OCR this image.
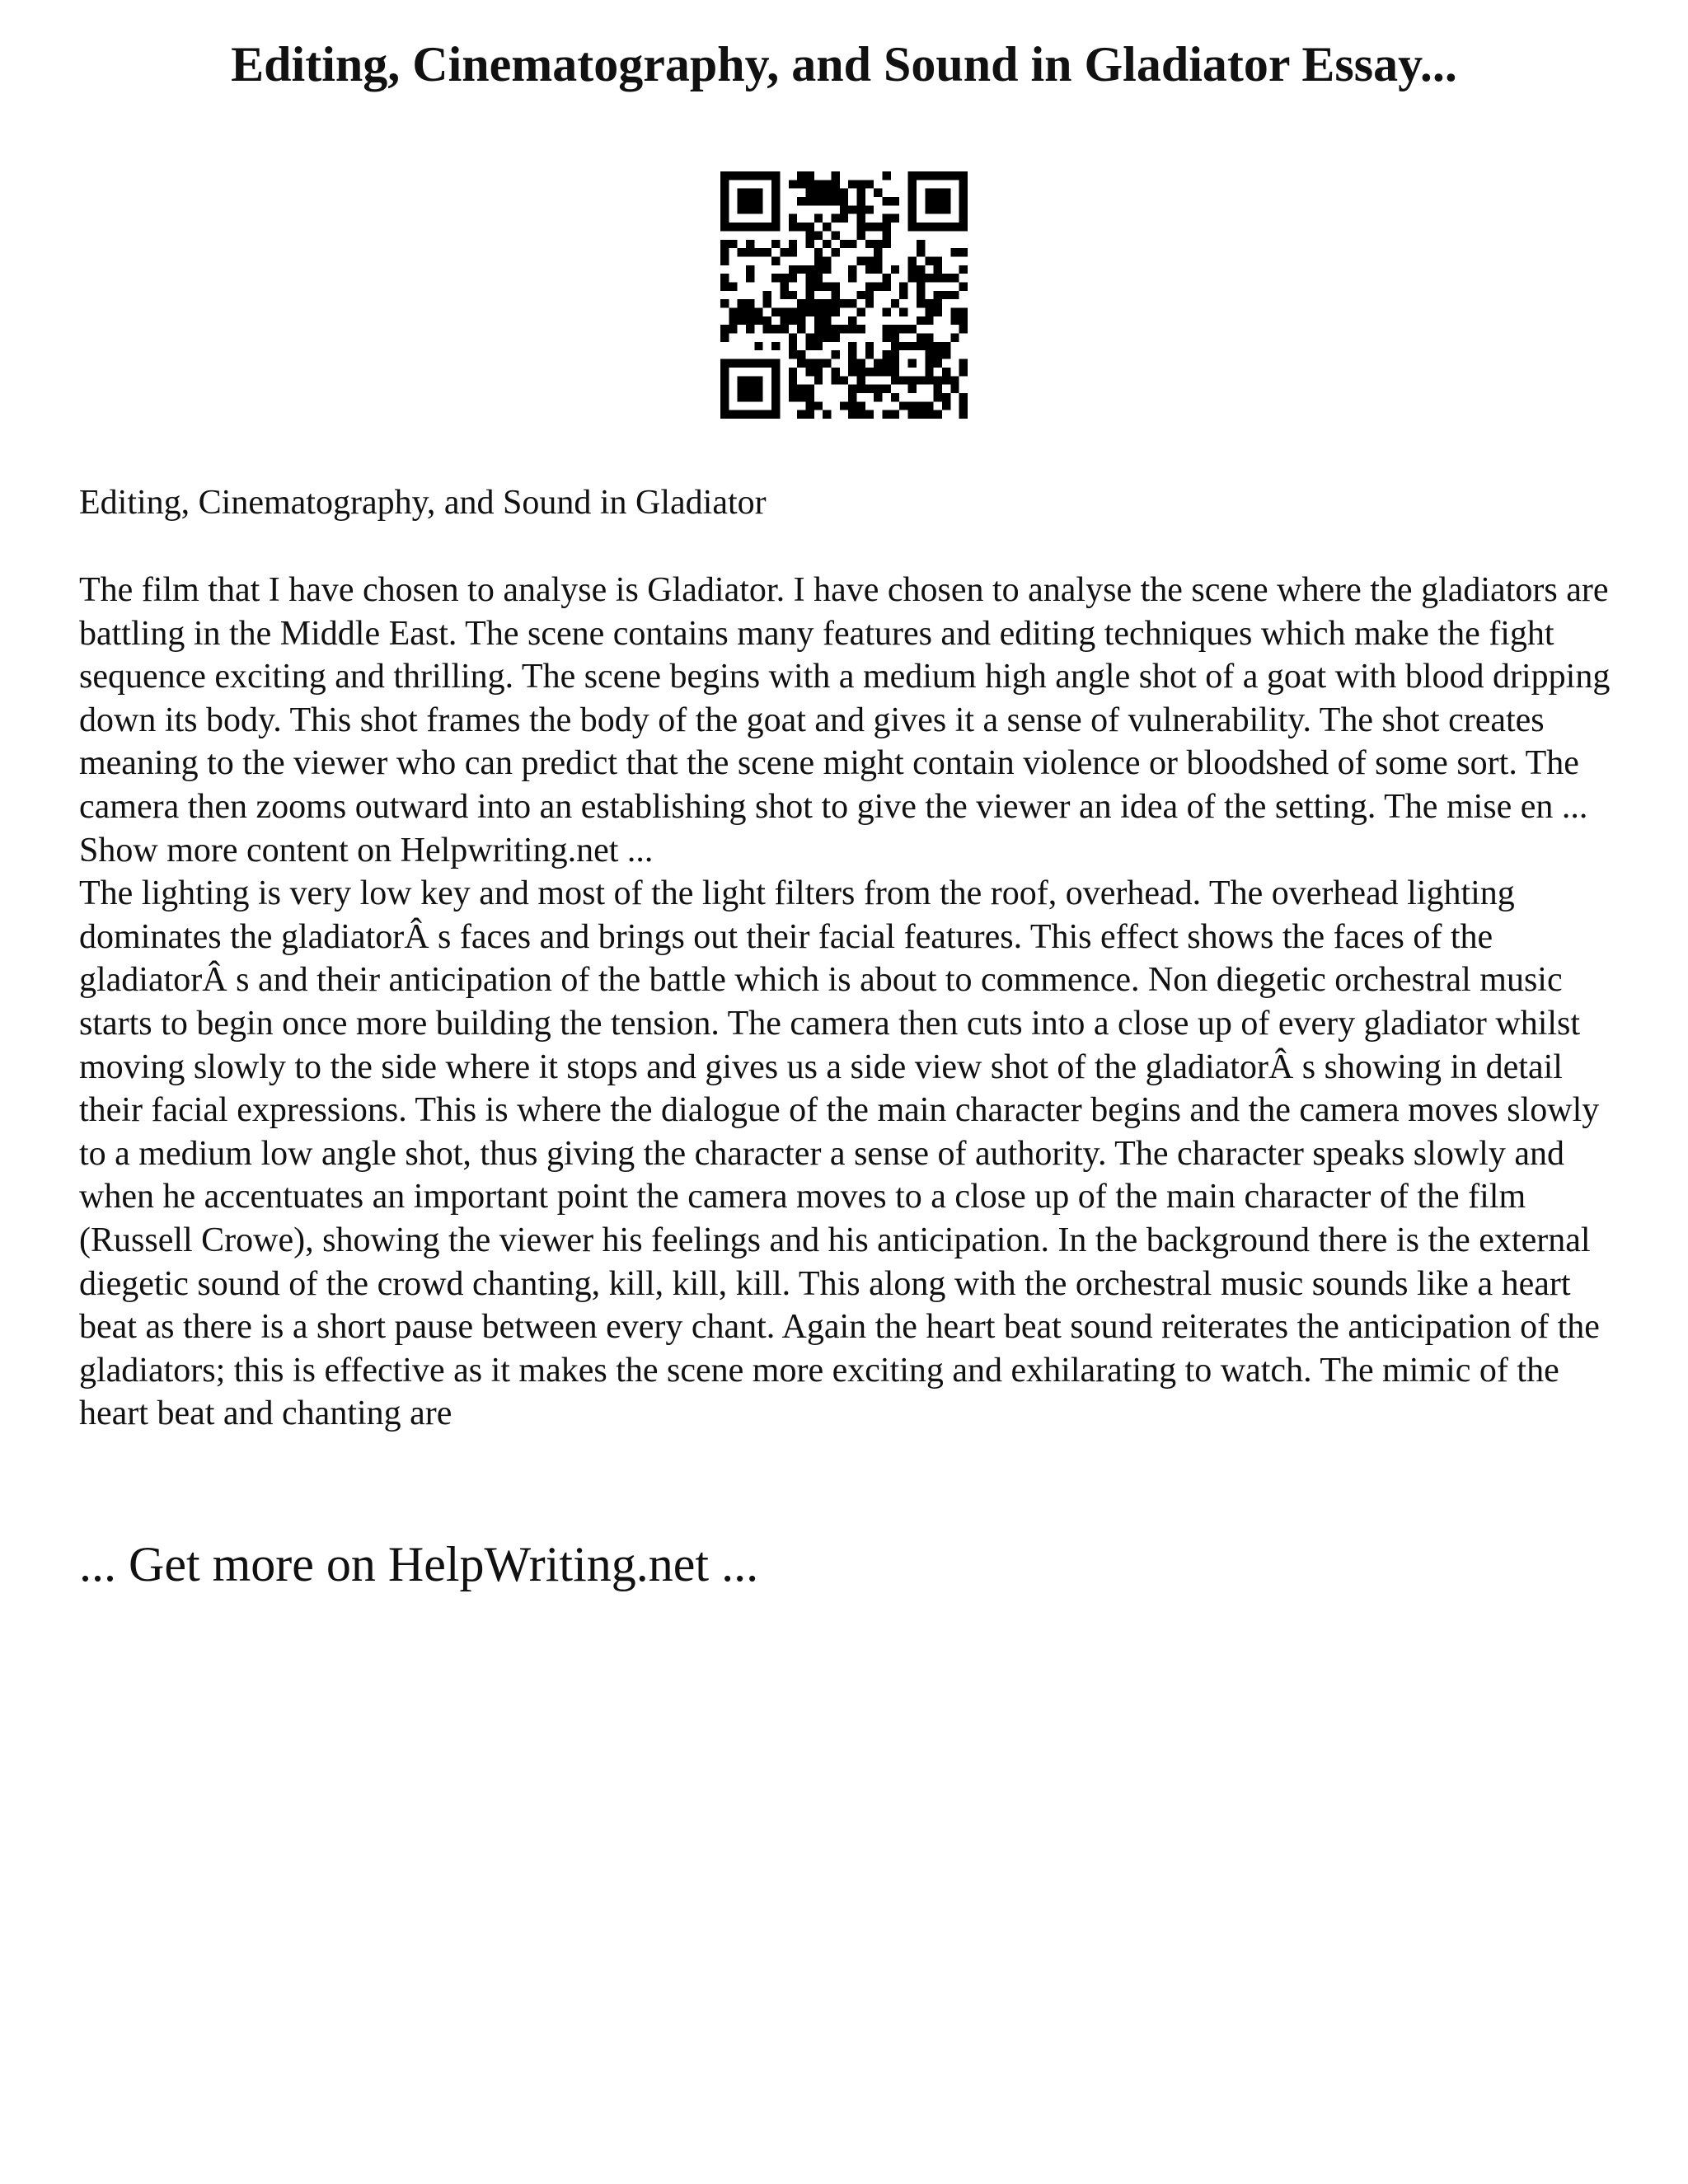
Editing, Cinematography, and Sound in Gladiator Essay...

Editing, Cinematography, and Sound in Gladiator

The film that I have chosen to analyse is Gladiator. I have chosen to analyse the scene where the gladiators are battling in the Middle East. The scene contains many features and editing techniques which make the fight sequence exciting and thrilling. The scene begins with a medium high angle shot of a goat with blood dripping down its body. This shot frames the body of the goat and gives it a sense of vulnerability. The shot creates meaning to the viewer who can predict that the scene might contain violence or bloodshed of some sort. The camera then zooms outward into an establishing shot to give the viewer an idea of the setting. The mise en ... Show more content on Helpwriting.net ...
The lighting is very low key and most of the light filters from the roof, overhead. The overhead lighting dominates the gladiatorÂ s faces and brings out their facial features. This effect shows the faces of the gladiatorÂ s and their anticipation of the battle which is about to commence. Non diegetic orchestral music starts to begin once more building the tension. The camera then cuts into a close up of every gladiator whilst moving slowly to the side where it stops and gives us a side view shot of the gladiatorÂ s showing in detail their facial expressions. This is where the dialogue of the main character begins and the camera moves slowly to a medium low angle shot, thus giving the character a sense of authority. The character speaks slowly and when he accentuates an important point the camera moves to a close up of the main character of the film (Russell Crowe), showing the viewer his feelings and his anticipation. In the background there is the external diegetic sound of the crowd chanting, kill, kill, kill. This along with the orchestral music sounds like a heart beat as there is a short pause between every chant. Again the heart beat sound reiterates the anticipation of the gladiators; this is effective as it makes the scene more exciting and exhilarating to watch. The mimic of the heart beat and chanting are

... Get more on HelpWriting.net ...
